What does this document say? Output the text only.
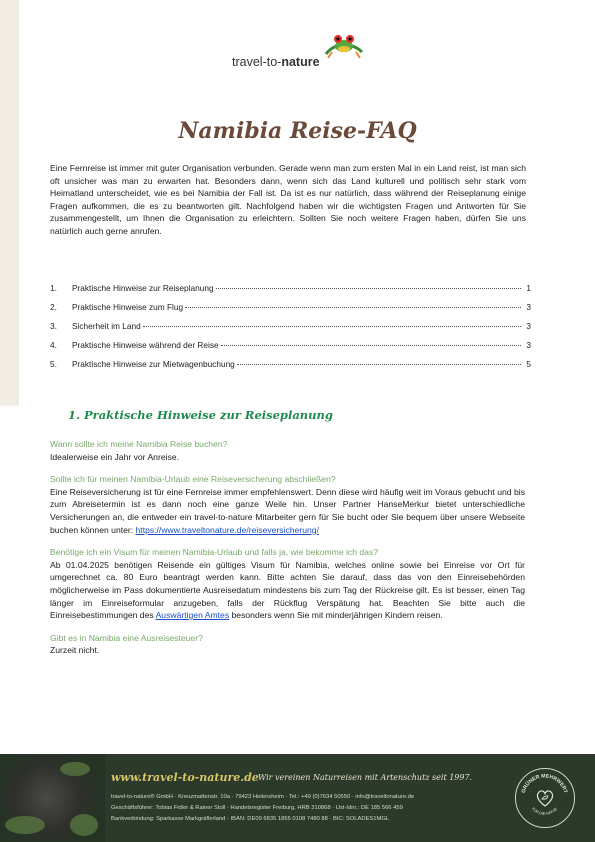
travel-to-nature
Namibia Reise-FAQ
Eine Fernreise ist immer mit guter Organisation verbunden. Gerade wenn man zum ersten Mal in ein Land reist, ist man sich oft unsicher was man zu erwarten hat. Besonders dann, wenn sich das Land kulturell und politisch sehr stark vom Heimatland unterscheidet, wie es bei Namibia der Fall ist. Da ist es nur natürlich, dass während der Reiseplanung einige Fragen aufkommen, die es zu beantworten gilt. Nachfolgend haben wir die wichtigsten Fragen und Antworten für Sie zusammengestellt, um Ihnen die Organisation zu erleichtern. Sollten Sie noch weitere Fragen haben, dürfen Sie uns natürlich auch gerne anrufen.
1.	Praktische Hinweise zur Reiseplanung	1
2.	Praktische Hinweise zum Flug	3
3.	Sicherheit im Land	3
4.	Praktische Hinweise während der Reise	3
5.	Praktische Hinweise zur Mietwagenbuchung	5
1. Praktische Hinweise zur Reiseplanung
Wann sollte ich meine Namibia Reise buchen?
Idealerweise ein Jahr vor Anreise.
Sollte ich für meinen Namibia-Urlaub eine Reiseversicherung abschließen?
Eine Reiseversicherung ist für eine Fernreise immer empfehlenswert. Denn diese wird häufig weit im Voraus gebucht und bis zum Abreisetermin ist es dann noch eine ganze Weile hin. Unser Partner HanseMerkur bietet unterschiedliche Versicherungen an, die entweder ein travel-to-nature Mitarbeiter gern für Sie bucht oder Sie bequem über unsere Webseite buchen können unter: https://www.traveltonature.de/reiseversicherung/
Benötige ich ein Visum für meinen Namibia-Urlaub und falls ja, wie bekomme ich das?
Ab 01.04.2025 benötigen Reisende ein gültiges Visum für Namibia, welches online sowie bei Einreise vor Ort für umgerechnet ca. 80 Euro beantragt werden kann. Bitte achten Sie darauf, dass das von den Einreisebehörden möglicherweise im Pass dokumentierte Ausreisedatum mindestens bis zum Tag der Rückreise gilt. Es ist besser, einen Tag länger im Einreiseformular anzugeben, falls der Rückflug Verspätung hat. Beachten Sie bitte auch die Einreisebestimmungen des Auswärtigen Amtes besonders wenn Sie mit minderjährigen Kindern reisen.
Gibt es in Namibia eine Ausreisesteuer?
Zurzeit nicht.
www.travel-to-nature.de Wir vereinen Naturreisen mit Artenschutz seit 1997.
travel-to-nature® GmbH · Kreuzmattenstr. 10a · 79423 Heitersheim · Tel.: +49 (0)7634 50550 · info@traveltonature.de
Geschäftsführer: Tobias Fidler & Rainer Stoll · Handelsregister Freiburg, HRB 310868 · Ust-Idnr.: DE 185 566 459
Bankverbindung: Sparkasse Markgräflerland · IBAN: DE09 6835 1865 0108 7480 88 · BIC: SOLADES1MGL
GRÜNER MEHRWERT
FÜR DIE NATUR
